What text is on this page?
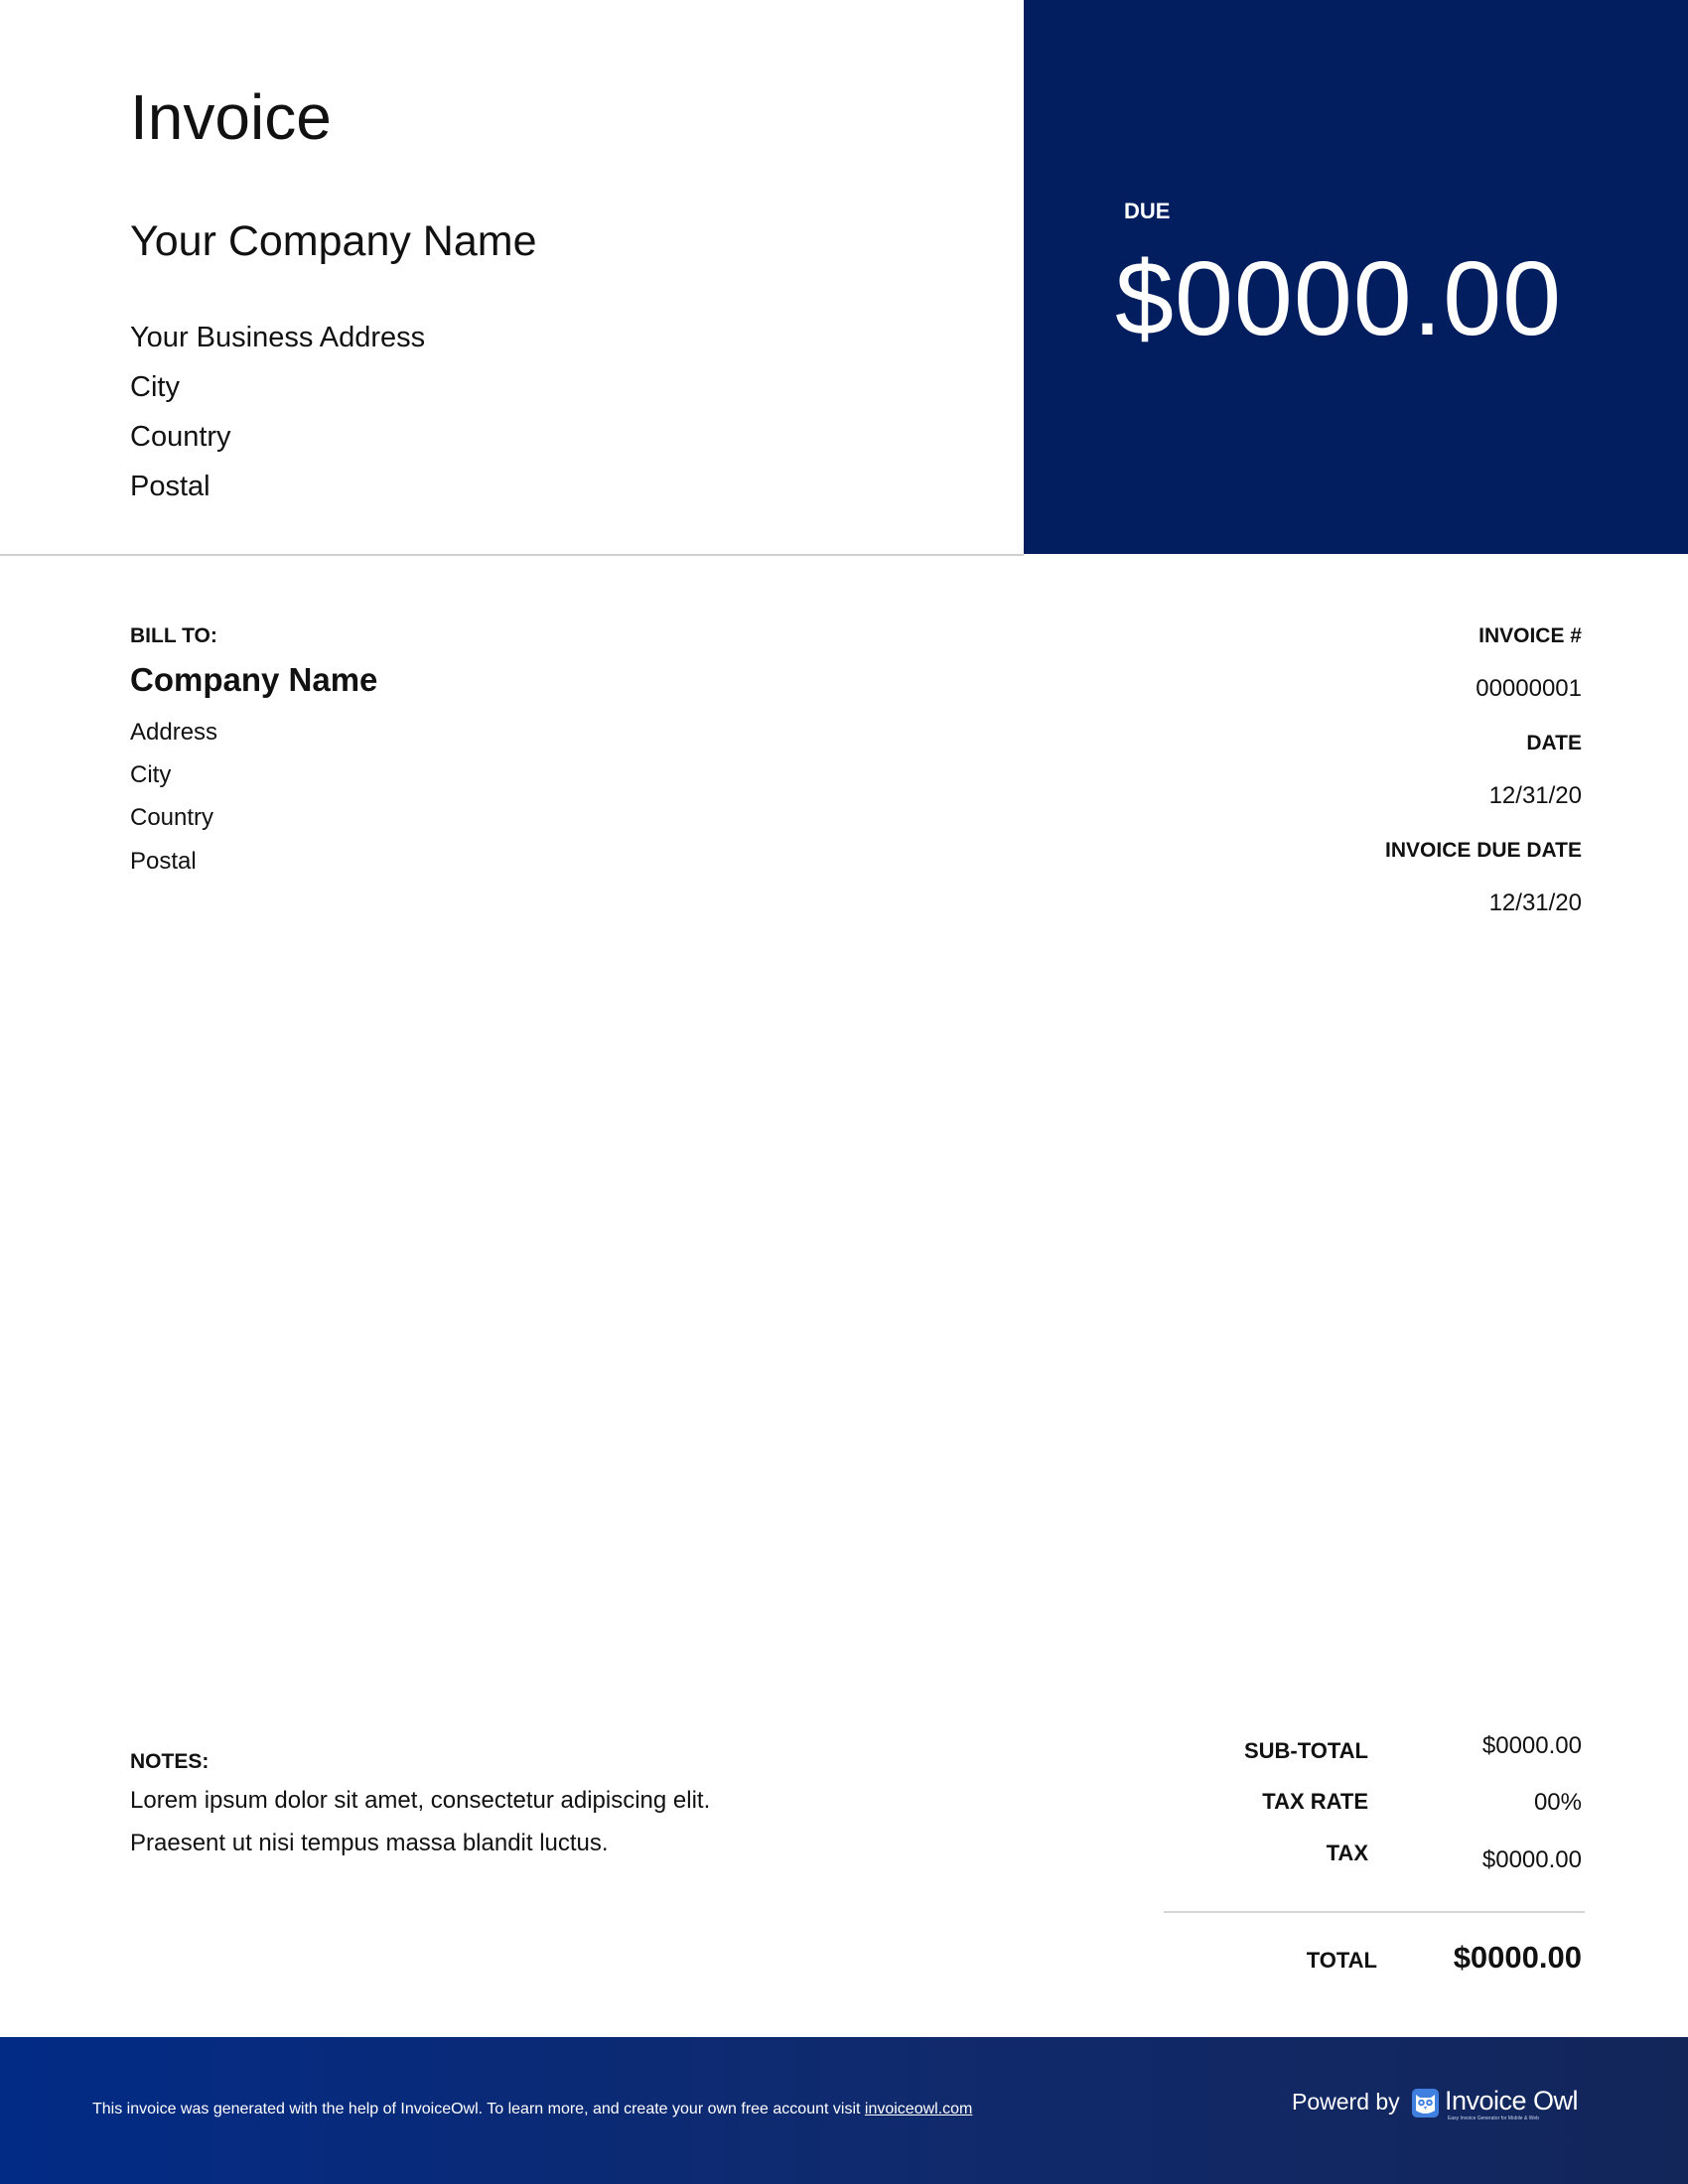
Invoice
Your Company Name
Your Business Address
City
Country
Postal
DUE
$0000.00
BILL TO:
Company Name
Address
City
Country
Postal
INVOICE #
00000001
DATE
12/31/20
INVOICE DUE DATE
12/31/20
NOTES:
Lorem ipsum dolor sit amet, consectetur adipiscing elit.
Praesent ut nisi tempus massa blandit luctus.
SUB-TOTAL	$0000.00
TAX RATE	00%
TAX	$0000.00
TOTAL $0000.00
This invoice was generated with the help of InvoiceOwl. To learn more, and create your own free account visit invoiceowl.com	Powerd by Invoice Owl
Easy Invoice Generator for Mobile & Web
